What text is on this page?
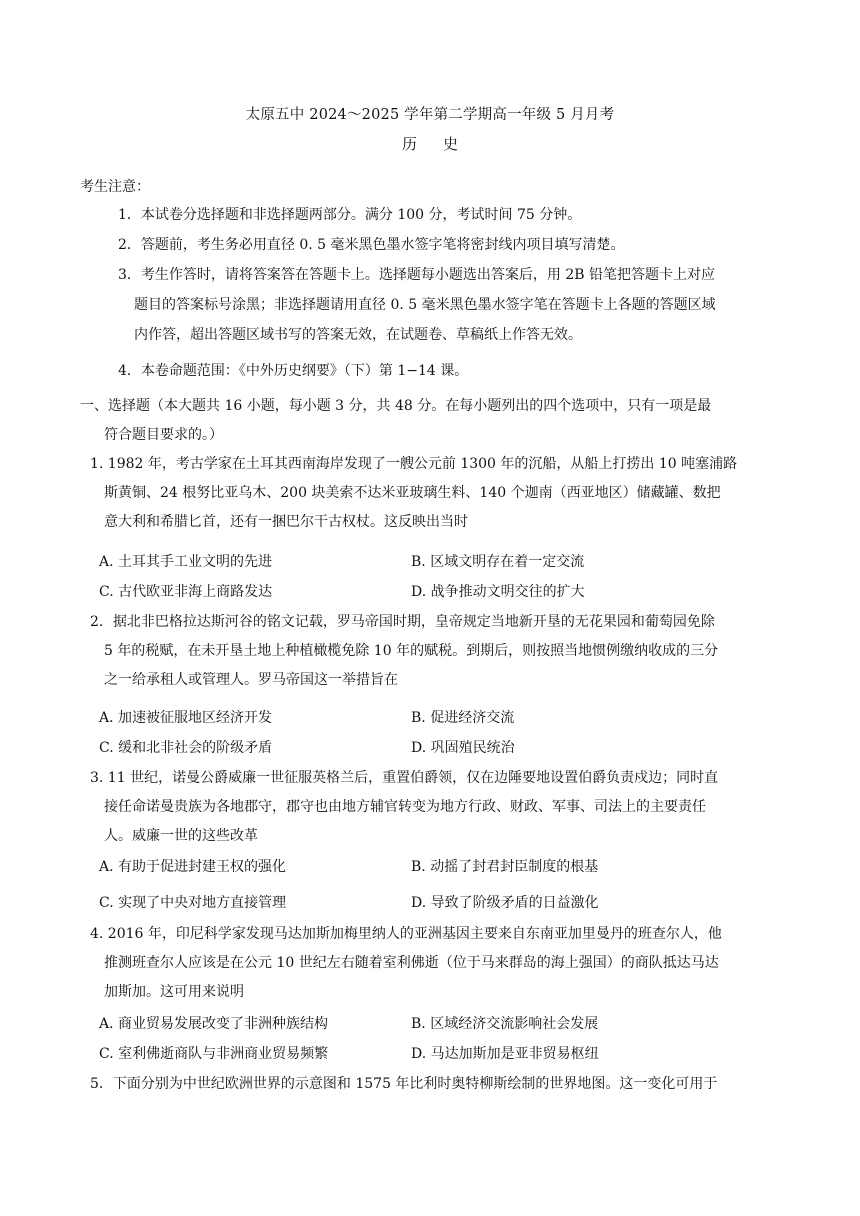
太原五中 2024～2025 学年第二学期高一年级 5 月月考
历史
考生注意：
1．本试卷分选择题和非选择题两部分。满分 100 分，考试时间 75 分钟。
2．答题前，考生务必用直径 0. 5 毫米黑色墨水签字笔将密封线内项目填写清楚。
3．考生作答时，请将答案答在答题卡上。选择题每小题选出答案后，用 2B 铅笔把答题卡上对应
题目的答案标号涂黑；非选择题请用直径 0. 5 毫米黑色墨水签字笔在答题卡上各题的答题区域
内作答，超出答题区域书写的答案无效，在试题卷、草稿纸上作答无效。
4．本卷命题范围：《中外历史纲要》（下）第 1−14 课。
一、选择题（本大题共 16 小题，每小题 3 分，共 48 分。在每小题列出的四个选项中，只有一项是最
符合题目要求的。）
1. 1982 年，考古学家在土耳其西南海岸发现了一艘公元前 1300 年的沉船，从船上打捞出 10 吨塞浦路
斯黄铜、24 根努比亚乌木、200 块美索不达米亚玻璃生料、140 个迦南（西亚地区）储藏罐、数把
意大利和希腊匕首，还有一捆巴尔干古权杖。这反映出当时
A. 土耳其手工业文明的先进	B. 区域文明存在着一定交流
C. 古代欧亚非海上商路发达	D. 战争推动文明交往的扩大
2．据北非巴格拉达斯河谷的铭文记载，罗马帝国时期，皇帝规定当地新开垦的无花果园和葡萄园免除
5 年的税赋，在未开垦土地上种植橄榄免除 10 年的赋税。到期后，则按照当地惯例缴纳收成的三分
之一给承租人或管理人。罗马帝国这一举措旨在
A. 加速被征服地区经济开发	B. 促进经济交流
C. 缓和北非社会的阶级矛盾	D. 巩固殖民统治
3. 11 世纪，诺曼公爵威廉一世征服英格兰后，重置伯爵领，仅在边陲要地设置伯爵负责戍边；同时直
接任命诺曼贵族为各地郡守，郡守也由地方辅官转变为地方行政、财政、军事、司法上的主要责任
人。威廉一世的这些改革
A. 有助于促进封建王权的强化	B. 动摇了封君封臣制度的根基
C. 实现了中央对地方直接管理	D. 导致了阶级矛盾的日益激化
4. 2016 年，印尼科学家发现马达加斯加梅里纳人的亚洲基因主要来自东南亚加里曼丹的班查尔人，他
推测班查尔人应该是在公元 10 世纪左右随着室利佛逝（位于马来群岛的海上强国）的商队抵达马达
加斯加。这可用来说明
A. 商业贸易发展改变了非洲种族结构	B. 区域经济交流影响社会发展
C. 室利佛逝商队与非洲商业贸易频繁	D. 马达加斯加是亚非贸易枢纽
5．下面分别为中世纪欧洲世界的示意图和 1575 年比利时奥特柳斯绘制的世界地图。这一变化可用于
